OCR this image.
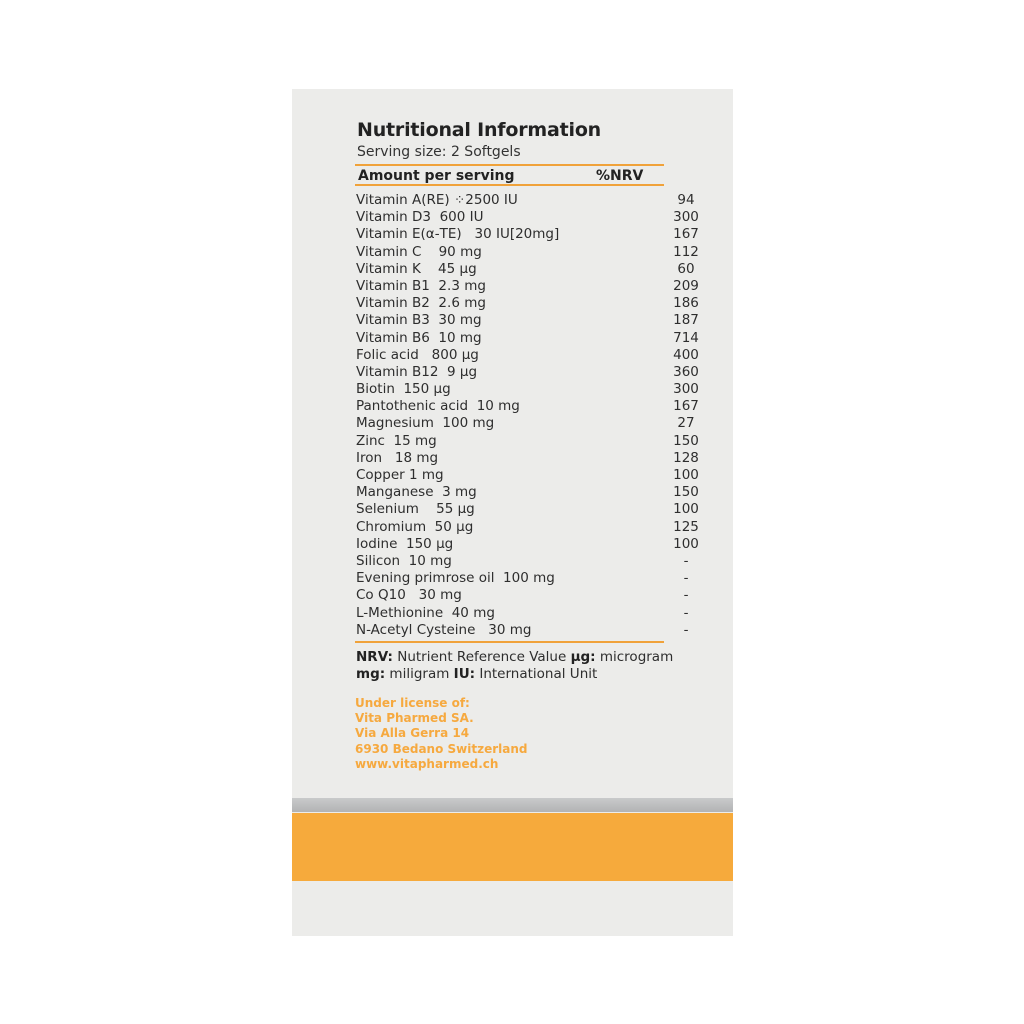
Nutritional Information
Serving size: 2 Softgels
Amount per serving	%NRV
Vitamin A(RE) ⁘2500 IU	94
Vitamin D3  600 IU	300
Vitamin E(α-TE)   30 IU[20mg]	167
Vitamin C    90 mg	112
Vitamin K    45 μg	60
Vitamin B1  2.3 mg	209
Vitamin B2  2.6 mg	186
Vitamin B3  30 mg	187
Vitamin B6  10 mg	714
Folic acid   800 μg	400
Vitamin B12  9 μg	360
Biotin  150 μg	300
Pantothenic acid  10 mg	167
Magnesium  100 mg	27
Zinc  15 mg	150
Iron   18 mg	128
Copper 1 mg	100
Manganese  3 mg	150
Selenium    55 μg	100
Chromium  50 μg	125
Iodine  150 μg	100
Silicon  10 mg	-
Evening primrose oil  100 mg	-
Co Q10   30 mg	-
L-Methionine  40 mg	-
N-Acetyl Cysteine   30 mg	-
NRV: Nutrient Reference Value μg: microgram
mg: miligram IU: International Unit
Under license of:
Vita Pharmed SA.
Via Alla Gerra 14
6930 Bedano Switzerland
www.vitapharmed.ch
